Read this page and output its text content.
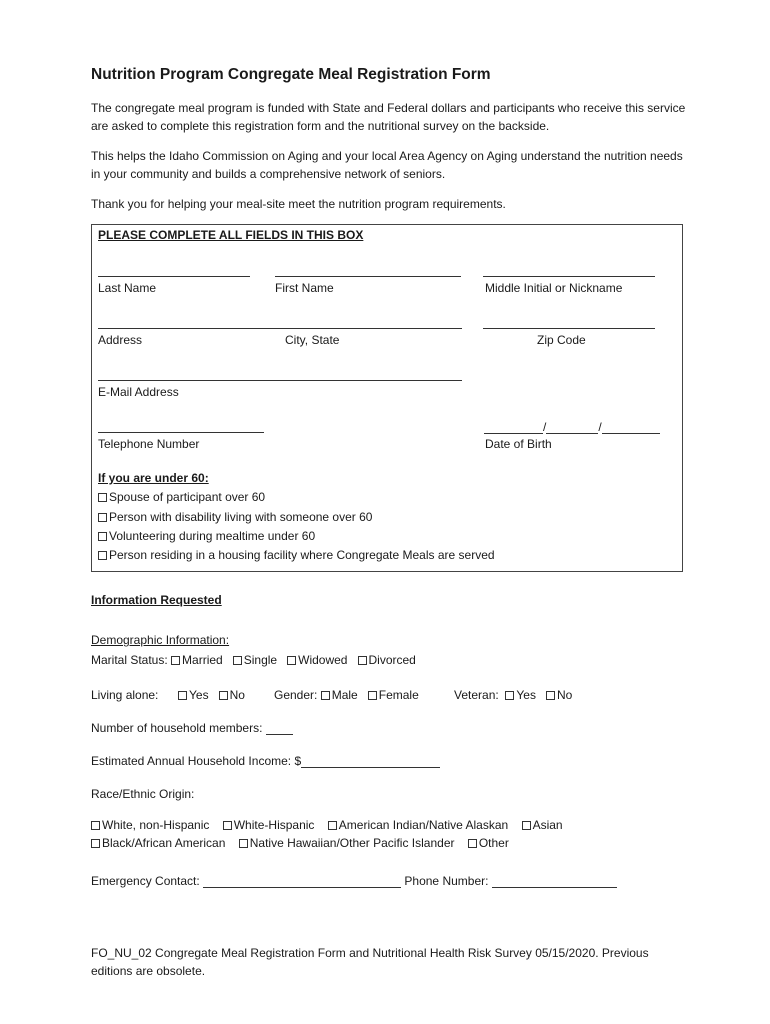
Nutrition Program Congregate Meal Registration Form
The congregate meal program is funded with State and Federal dollars and participants who receive this service are asked to complete this registration form and the nutritional survey on the backside.
This helps the Idaho Commission on Aging and your local Area Agency on Aging understand the nutrition needs in your community and builds a comprehensive network of seniors.
Thank you for helping your meal-site meet the nutrition program requirements.
PLEASE COMPLETE ALL FIELDS IN THIS BOX
Last Name	First Name	Middle Initial or Nickname
Address	City, State	Zip Code
E-Mail Address
/	/
Telephone Number	Date of Birth
If you are under 60:
Spouse of participant over 60
Person with disability living with someone over 60
Volunteering during mealtime under 60
Person residing in a housing facility where Congregate Meals are served
Information Requested
Demographic Information:
Marital Status: Married Single Widowed Divorced
Living alone:	Yes No Gender: Male Female	Veteran: Yes No
Number of household members:
Estimated Annual Household Income: $
Race/Ethnic Origin:
White, non-Hispanic White-Hispanic American Indian/Native Alaskan Asian
Black/African American Native Hawaiian/Other Pacific Islander Other
Emergency Contact:	Phone Number:
FO_NU_02 Congregate Meal Registration Form and Nutritional Health Risk Survey 05/15/2020. Previous editions are obsolete.
